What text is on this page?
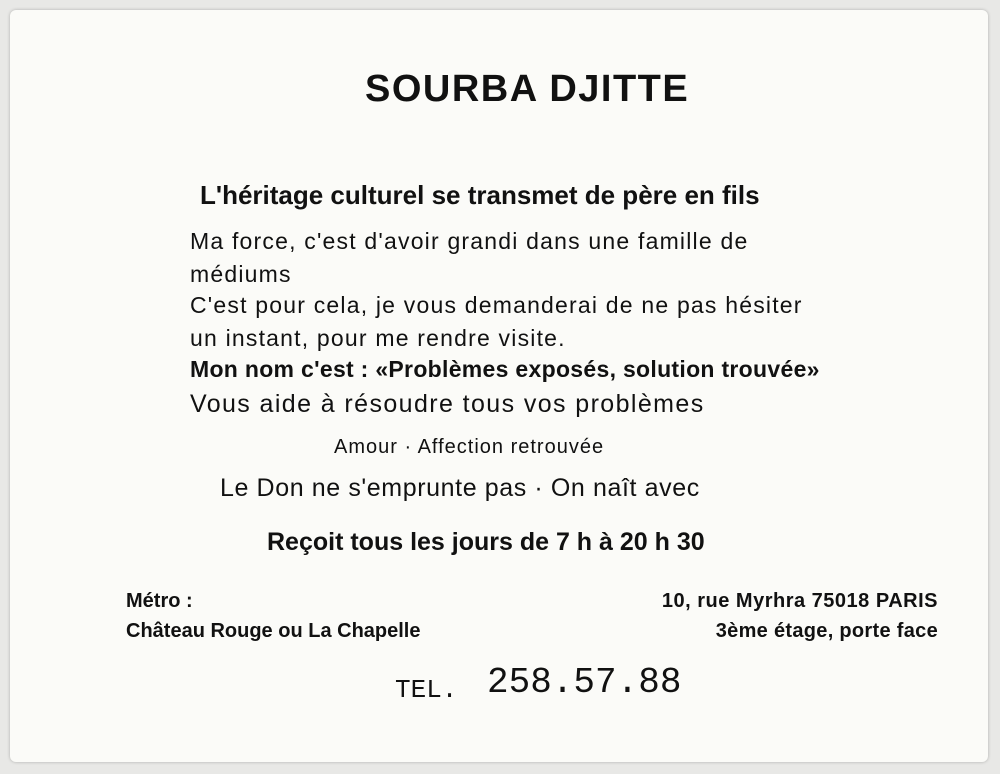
SOURBA DJITTE

L'héritage culturel se transmet de père en fils

Ma force, c'est d'avoir grandi dans une famille de

médiums

C'est pour cela, je vous demanderai de ne pas hésiter

un instant, pour me rendre visite.

Mon nom c'est : «Problèmes exposés, solution trouvée»

Vous aide à résoudre tous vos problèmes

Amour · Affection retrouvée

Le Don ne s'emprunte pas · On naît avec

Reçoit tous les jours de 7 h à 20 h 30

Métro :

Château Rouge ou La Chapelle

10, rue Myrhra 75018 PARIS

3ème étage, porte face

TEL. 258.57.88
